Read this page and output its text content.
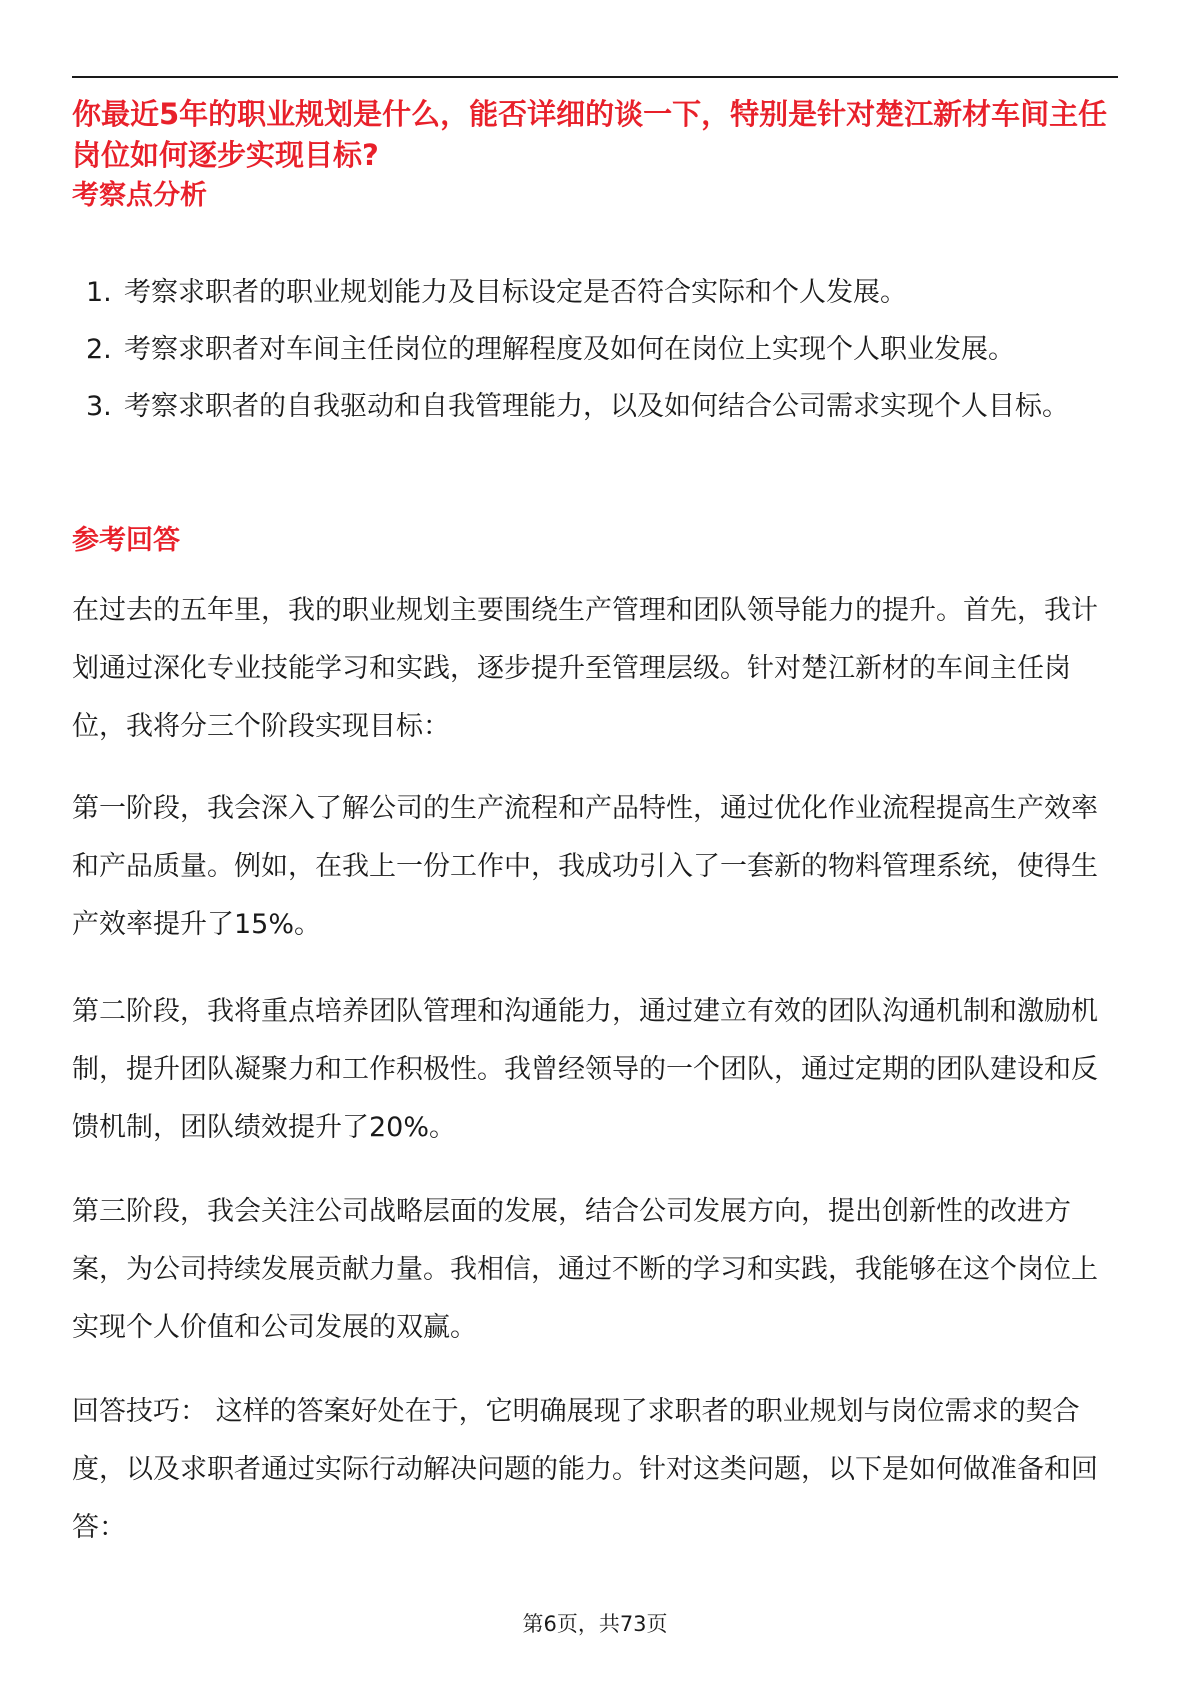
你最近5年的职业规划是什么，能否详细的谈一下，特别是针对楚江新材车间主任岗位如何逐步实现目标?
考察点分析
1. 考察求职者的职业规划能力及目标设定是否符合实际和个人发展。
2. 考察求职者对车间主任岗位的理解程度及如何在岗位上实现个人职业发展。
3. 考察求职者的自我驱动和自我管理能力，以及如何结合公司需求实现个人目标。
参考回答

在过去的五年里，我的职业规划主要围绕生产管理和团队领导能力的提升。首先，我计划通过深化专业技能学习和实践，逐步提升至管理层级。针对楚江新材的车间主任岗位，我将分三个阶段实现目标：

第一阶段，我会深入了解公司的生产流程和产品特性，通过优化作业流程提高生产效率和产品质量。例如，在我上一份工作中，我成功引入了一套新的物料管理系统，使得生产效率提升了15%。

第二阶段，我将重点培养团队管理和沟通能力，通过建立有效的团队沟通机制和激励机制，提升团队凝聚力和工作积极性。我曾经领导的一个团队，通过定期的团队建设和反馈机制，团队绩效提升了20%。

第三阶段，我会关注公司战略层面的发展，结合公司发展方向，提出创新性的改进方案，为公司持续发展贡献力量。我相信，通过不断的学习和实践，我能够在这个岗位上实现个人价值和公司发展的双赢。

回答技巧： 这样的答案好处在于，它明确展现了求职者的职业规划与岗位需求的契合度，以及求职者通过实际行动解决问题的能力。针对这类问题，以下是如何做准备和回答：

第6页，共73页
